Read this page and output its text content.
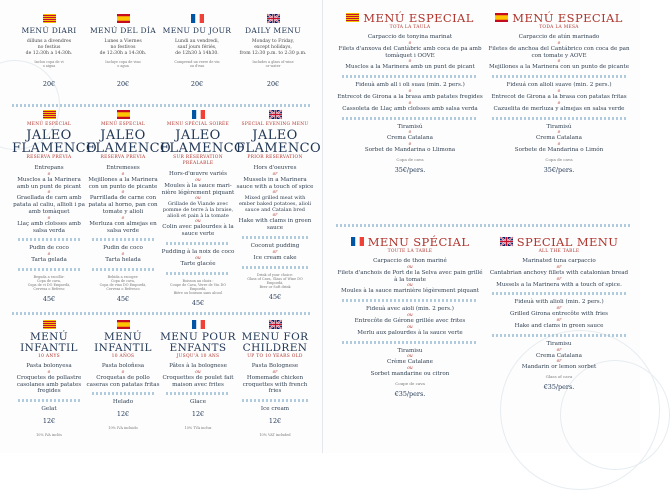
MENÚ DIARI
dilluns a divendres
no festius
de 12:30h a 14:30h.
Inclou copa de vi
o aigua
20€
MENÚ DEL DÍA
Lunes a Viernes
no festivos
de 12:30h a 14:30h.
Incluye copa de vino
o agua
20€
MENU DU JOUR
Lundi au vendredi,
sauf jours fériés,
de 12h30 à 14h30.
Comprend un verre de vin
ou d'eau
20€
DAILY MENU
Monday to Friday,
except holidays,
from 12:30 p.m. to 2:30 p.m.
Includes a glass of wine
or water
20€
MENÚ ESPECIAL
JALEO
FLAMENCO
RESERVA PRÈVIA
Entrepans
o
Musclos a la Marinera amb un punt de picant
o
Graellada de carn amb patata al caliu, allioli i pa amb tomàquet
o
Llaç amb cloïsses amb salsa verda
Pudin de coco
o
Tarta gelada
Beguda a escollir:
Copa de cava,
Copa de vi DO Empordà,
Cervesa o Refresc
45€
MENÚ ESPECIAL
JALEO
FLAMENCO
RESERVA PREVIA
Entremeses
o
Mejillones a la Marinera con un punto de picante
o
Parrillada de carne con patata al horno, pan con tomate y alioli
o
Merluza con almejas en salsa verde
Pudin de coco
o
Tarta helada
Bebida a escoger:
Copa de cava,
Copa de vino DO Empordà,
Cerveza o Refresco
45€
MENU SPÉCIAL SOIRÉE
JALEO
FLAMENCO
SUR RÉSERVATION PRÉALABLE
Hors-d'œuvre variés
ou
Moules à la sauce mari-nière légèrement piquant
ou
Grillade de Viande avec pomme de terre à la braise, alioli et pain à la tomate
ou
Colin avec palourdes à la sauce verte
Pudding à la noix de coco
ou
Tarte glacée
Boisson au choix :
Coupe de Cava, Verre de Vin DO
Empordà,
Bière ou boisson sans alcool
45€
SPECIAL EVENING MENU
JALEO
FLAMENCO
PRIOR RESERVATION
Hors d'oeuvres
or
Mussels in a Marinera sauce with a touch of spice
or
Mixed grilled meat with ember baked potatoes, alioli sauce and Catalan bred
or
Hake with clams in green sauce
Coconut pudding
or
Ice cream cake
Drink of your choice:
Glass of Cava, Glass of Wine DO
Empordà,
Beer or Soft drink
45€
MENÚ
INFANTIL
10 ANYS
Pasta bolonyesa
o
Croquetes de pollastre casolanes amb patates fregides
Gelat
12€
10% IVA inclòs
MENÚ
INFANTIL
10 AÑOS
Pasta boloñesa
o
Croquetas de pollo caseras con patatas fritas
Helado
12€
10% IVA incluido
MENU POUR
ENFANTS
JUSQU'À 10 ANS
Pâtes à la bolognese
ou
Croquettes de poulet fait maison avec frites
Glace
12€
10% TVA inclus
MENU FOR
CHILDREN
UP TO 10 YEARS OLD
Pasta Bolognese
or
Homemade chicken croquettes with french fries
Ice cream
12€
10% VAT included
MENÚ ESPECIAL
TOTA LA TAULA
Carpaccio de tonyina marinat
o
Filets d'anxova del Cantàbric amb coca de pa amb tomàquet i OOVE
o
Musclos a la Marinera amb un punt de picant
Fideuà amb all i oli suau (min. 2 pers.)
o
Entrecot de Girona a la brasa amb patates fregides
o
Cassoleta de Llaç amb cloïsses amb salsa verda
Tiramisú
o
Crema Catalana
o
Sorbet de Mandarina o Llimona
Copa de cava
35€/pers.
MENÚ ESPECIAL
TODA LA MESA
Carpaccio de atún marinado
o
Filetes de anchoa del Cantábrico con coca de pan con tomate y AOVE
o
Mejillones a la Marinera con un punto de picante
Fideuá con alioli suave (min. 2 pers.)
o
Entrecot de Girona a la brasa con patatas fritas
o
Cazuelita de merluza y almejas en salsa verde
Tiramisú
o
Crema Catalana
o
Sorbete de Mandarina o Limón
Copa de cava
35€/pers.
MENU SPÉCIAL
TOUTE LA TABLE
Carpaccio de thon mariné
ou
Filets d'anchois de Port de la Selva avec pain grillé à la tomate
ou
Moules à la sauce marinière légèrement piquant
Fideuà avec aioli (min. 2 pers.)
ou
Entrecôte de Gérone grillée avec frites
ou
Merlu aux palourdes à la sauce verte
Tiramisu
ou
Crème Catalane
ou
Sorbet mandarine ou citron
Coupe de cava
€35/pers.
SPECIAL MENU
ALL THE TABLE
Marinated tuna carpaccio
or
Cantabrian anchovy fillets with catalonian bread
or
Mussels a la Marinera with a touch of spice.
Fideuà with alioli (min. 2 pers.)
or
Grilled Girona entrecôte with fries
or
Hake and clams in green sauce
Tiramisu
or
Crema Catalana
or
Mandarin or lemon sorbet
Glass of cava
€35/pers.
